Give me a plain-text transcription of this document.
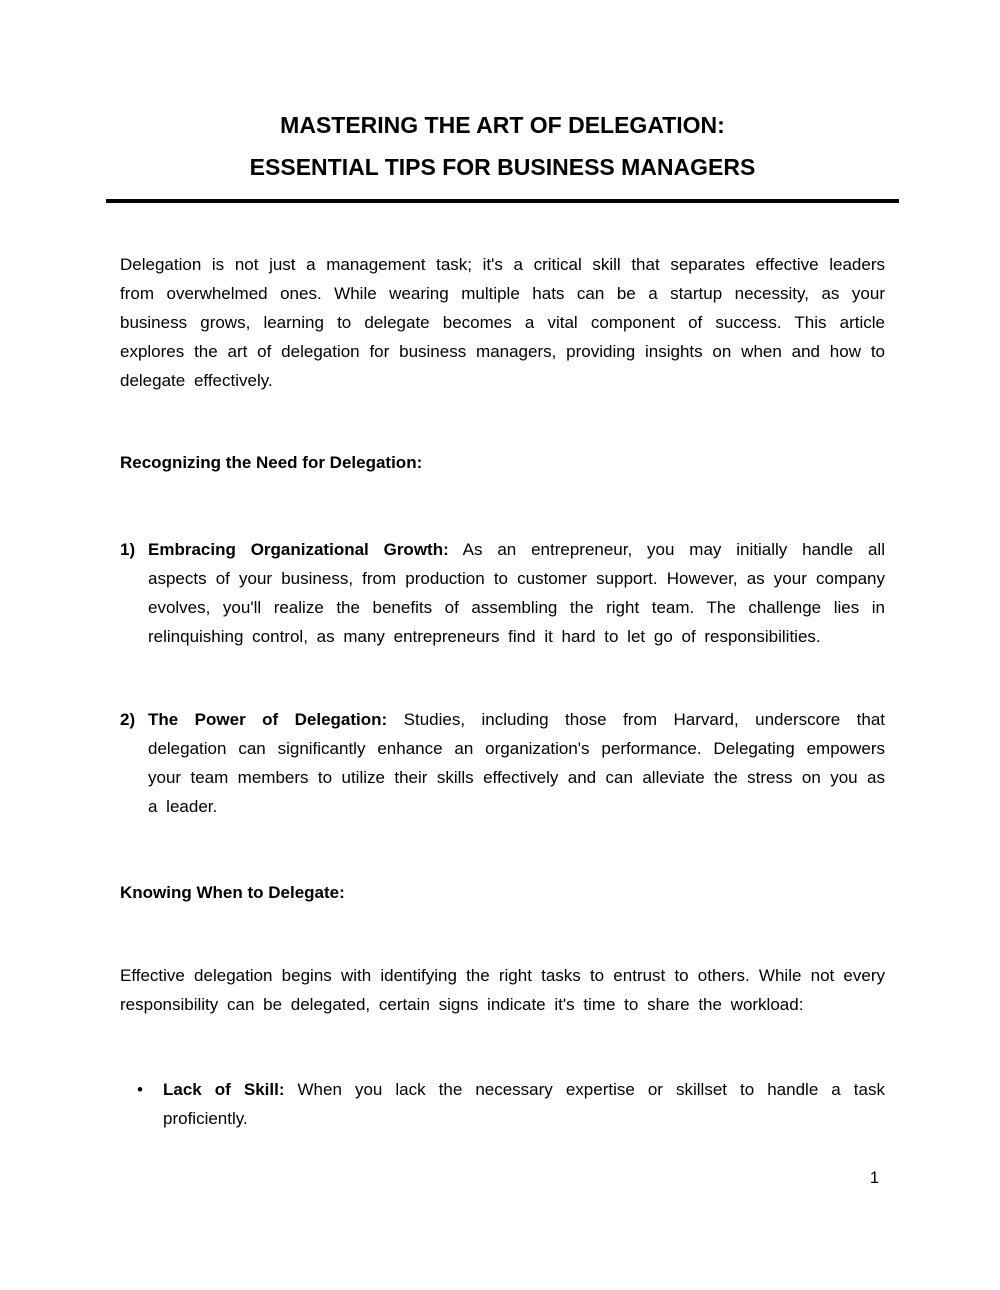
MASTERING THE ART OF DELEGATION:
ESSENTIAL TIPS FOR BUSINESS MANAGERS

Delegation is not just a management task; it's a critical skill that separates effective leaders from overwhelmed ones. While wearing multiple hats can be a startup necessity, as your business grows, learning to delegate becomes a vital component of success. This article explores the art of delegation for business managers, providing insights on when and how to delegate effectively.

Recognizing the Need for Delegation:
1) Embracing Organizational Growth: As an entrepreneur, you may initially handle all aspects of your business, from production to customer support. However, as your company evolves, you'll realize the benefits of assembling the right team. The challenge lies in relinquishing control, as many entrepreneurs find it hard to let go of responsibilities.
2) The Power of Delegation: Studies, including those from Harvard, underscore that delegation can significantly enhance an organization's performance. Delegating empowers your team members to utilize their skills effectively and can alleviate the stress on you as a leader.
Knowing When to Delegate:

Effective delegation begins with identifying the right tasks to entrust to others. While not every responsibility can be delegated, certain signs indicate it's time to share the workload:

• Lack of Skill: When you lack the necessary expertise or skillset to handle a task proficiently.
1
